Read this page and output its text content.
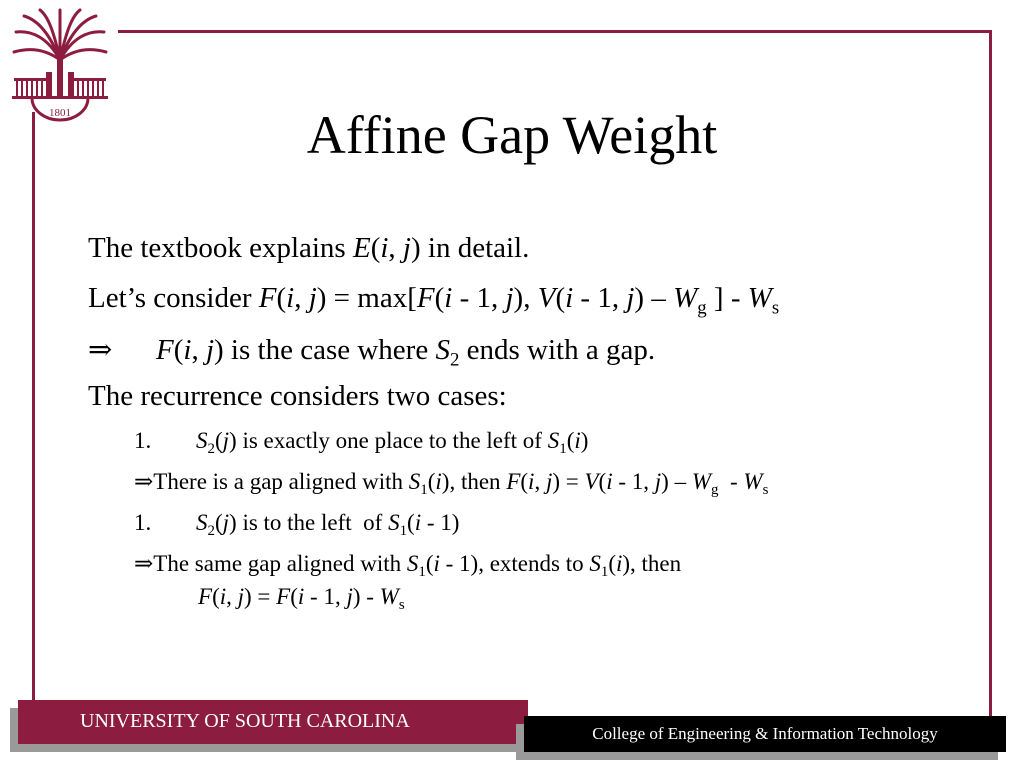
1801	Affine Gap Weight
The textbook explains E(i, j) in detail.
Let’s consider F(i, j) = max[F(i - 1, j), V(i - 1, $j) - W_g$ ] - $W_s$
⇒ F(i, j) is the case where $S_2$ ends with a gap.
The recurrence considers two cases:
1. $S_2(j)$ is exactly one place to the left of $S_1(i)$
⇒There is a gap aligned with $S_1(i)$, then F(i, j) = V(i - 1, $j) - W_g - W_s$
1. $S_2(j)$ is to the left  of $S_1(i - 1)$
⇒The same gap aligned with $S_1(i - 1)$, extends to $S_1(i)$, then
F(i, j) = F(i - 1, $j) - W_s$
UNIVERSITY OF SOUTH CAROLINA
College of Engineering & Information Technology
